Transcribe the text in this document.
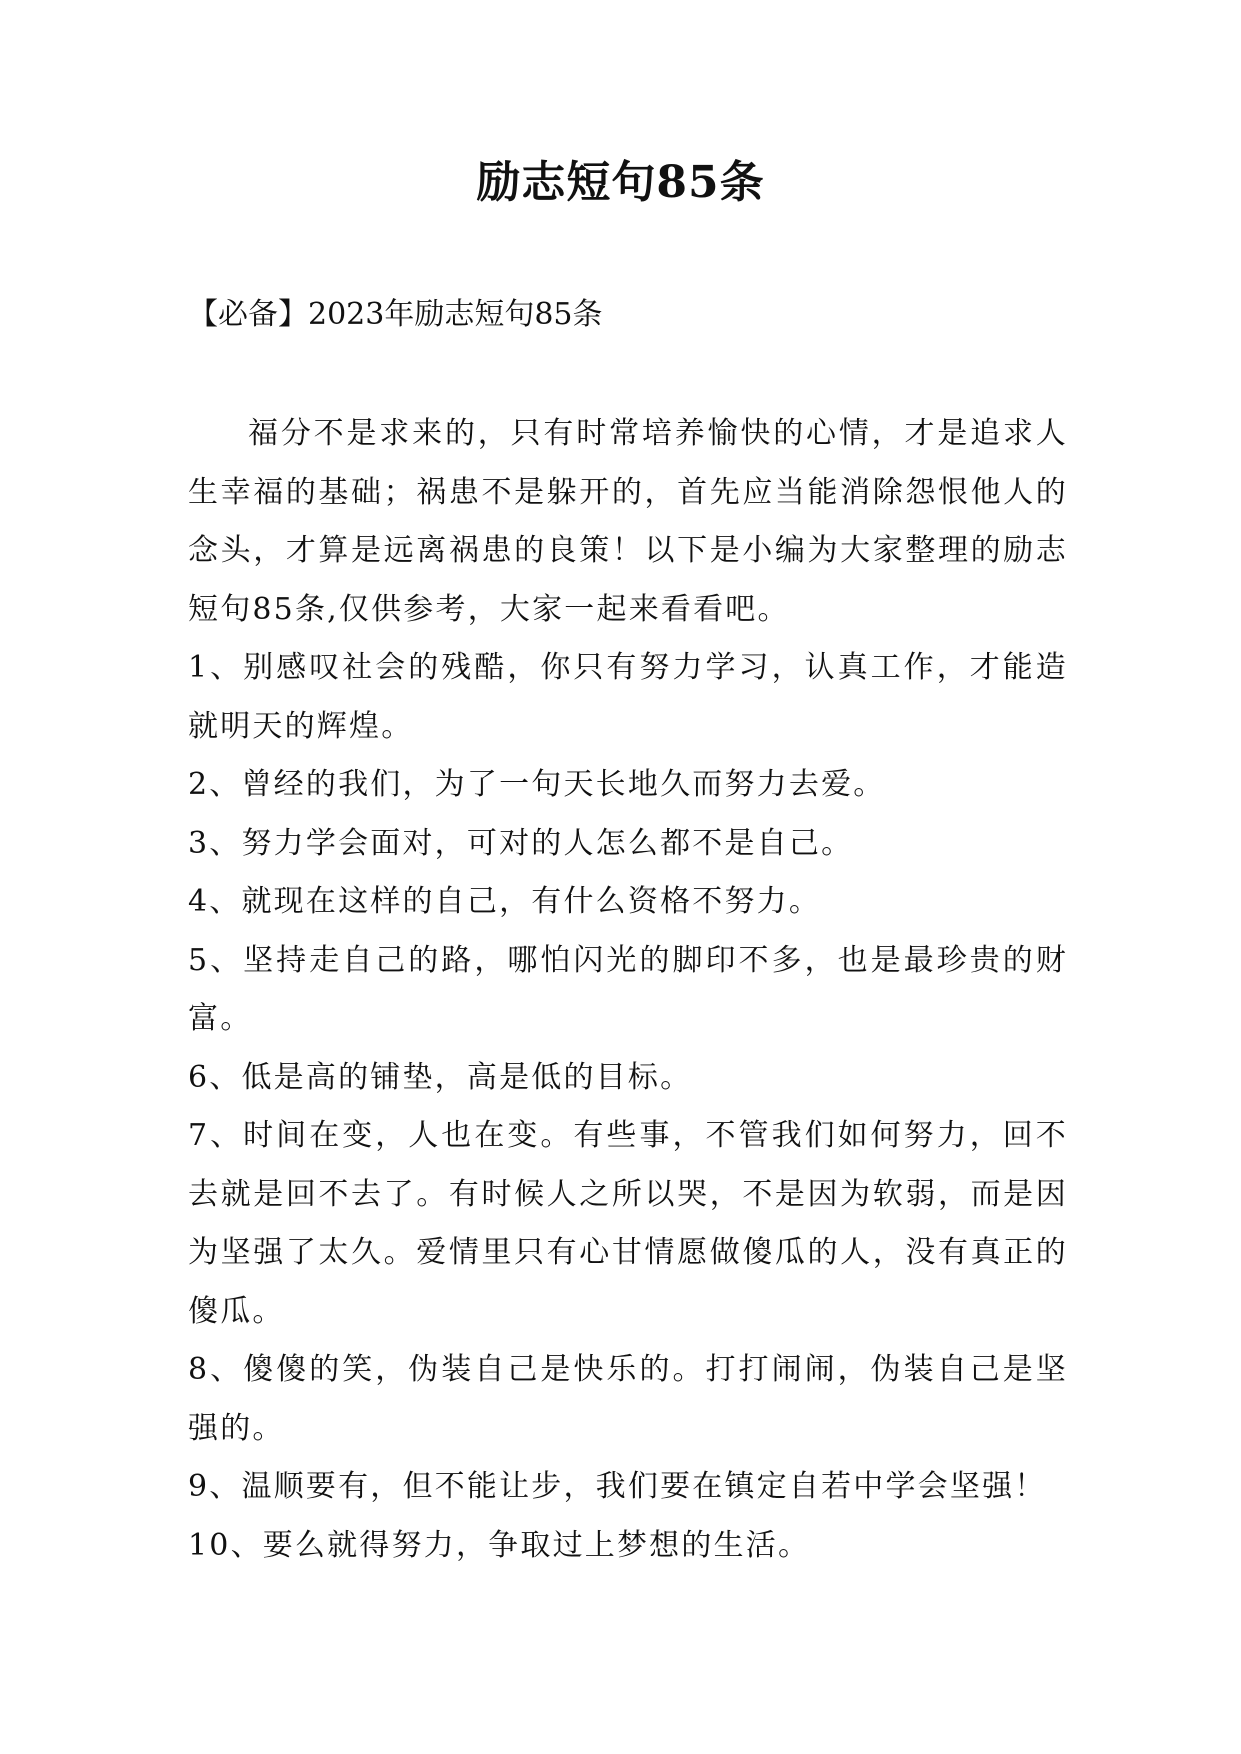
励志短句85条

【必备】2023年励志短句85条

福分不是求来的，只有时常培养愉快的心情，才是追求人生幸福的基础；祸患不是躲开的，首先应当能消除怨恨他人的念头，才算是远离祸患的良策！以下是小编为大家整理的励志短句85条,仅供参考，大家一起来看看吧。

1、别感叹社会的残酷，你只有努力学习，认真工作，才能造就明天的辉煌。

2、曾经的我们，为了一句天长地久而努力去爱。

3、努力学会面对，可对的人怎么都不是自己。

4、就现在这样的自己，有什么资格不努力。

5、坚持走自己的路，哪怕闪光的脚印不多，也是最珍贵的财富。

6、低是高的铺垫，高是低的目标。

7、时间在变，人也在变。有些事，不管我们如何努力，回不去就是回不去了。有时候人之所以哭，不是因为软弱，而是因为坚强了太久。爱情里只有心甘情愿做傻瓜的人，没有真正的傻瓜。

8、傻傻的笑，伪装自己是快乐的。打打闹闹，伪装自己是坚强的。

9、温顺要有，但不能让步，我们要在镇定自若中学会坚强！

10、要么就得努力，争取过上梦想的生活。
